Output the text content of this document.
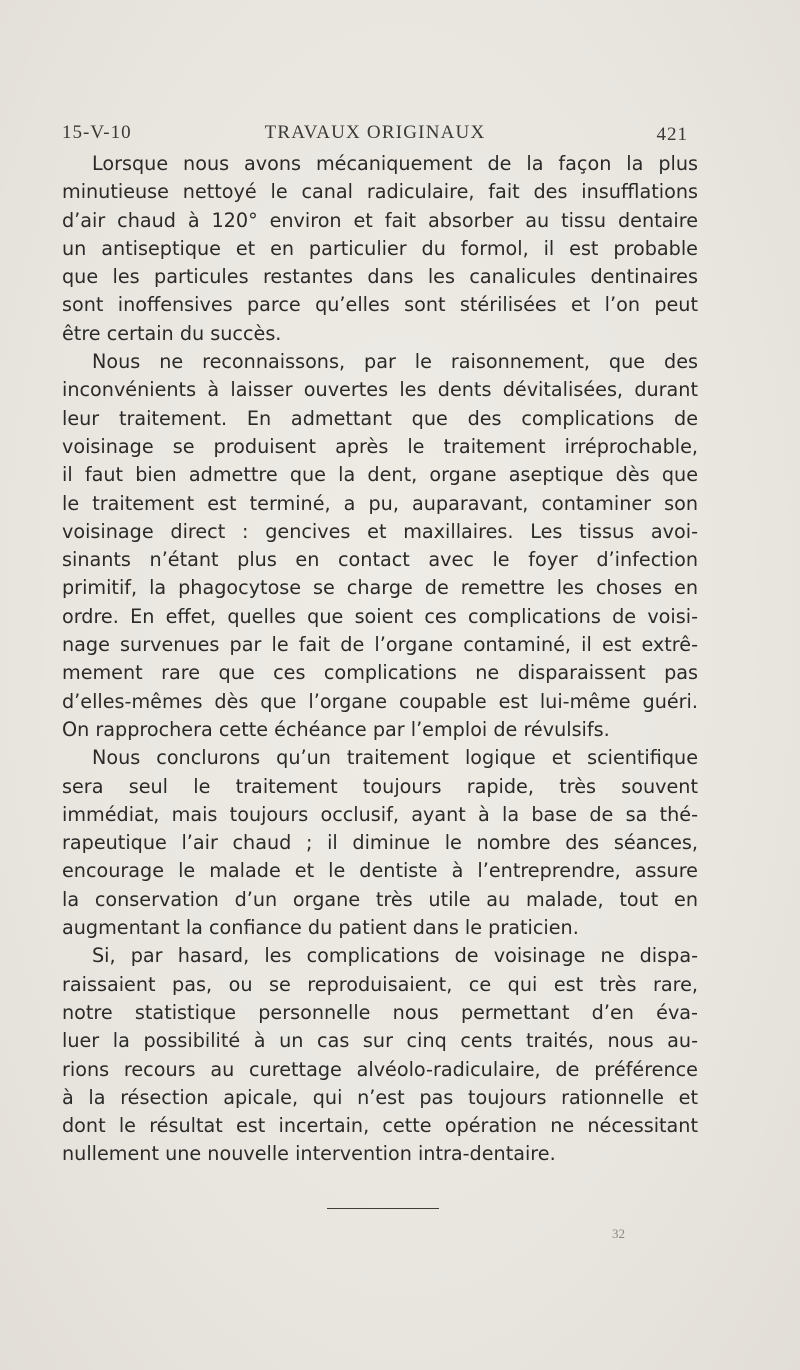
15-V-10	TRAVAUX ORIGINAUX	421
Lorsque nous avons mécaniquement de la façon la plus
minutieuse nettoyé le canal radiculaire, fait des insufflations
d’air chaud à 120° environ et fait absorber au tissu dentaire
un antiseptique et en particulier du formol, il est probable
que les particules restantes dans les canalicules dentinaires
sont inoffensives parce qu’elles sont stérilisées et l’on peut
être certain du succès.
Nous ne reconnaissons, par le raisonnement, que des
inconvénients à laisser ouvertes les dents dévitalisées, durant
leur traitement. En admettant que des complications de
voisinage se produisent après le traitement irréprochable,
il faut bien admettre que la dent, organe aseptique dès que
le traitement est terminé, a pu, auparavant, contaminer son
voisinage direct : gencives et maxillaires. Les tissus avoi-
sinants n’étant plus en contact avec le foyer d’infection
primitif, la phagocytose se charge de remettre les choses en
ordre. En effet, quelles que soient ces complications de voisi-
nage survenues par le fait de l’organe contaminé, il est extrê-
mement rare que ces complications ne disparaissent pas
d’elles-mêmes dès que l’organe coupable est lui-même guéri.
On rapprochera cette échéance par l’emploi de révulsifs.
Nous conclurons qu’un traitement logique et scientifique
sera seul le traitement toujours rapide, très souvent
immédiat, mais toujours occlusif, ayant à la base de sa thé-
rapeutique l’air chaud ; il diminue le nombre des séances,
encourage le malade et le dentiste à l’entreprendre, assure
la conservation d’un organe très utile au malade, tout en
augmentant la confiance du patient dans le praticien.
Si, par hasard, les complications de voisinage ne dispa-
raissaient pas, ou se reproduisaient, ce qui est très rare,
notre statistique personnelle nous permettant d’en éva-
luer la possibilité à un cas sur cinq cents traités, nous au-
rions recours au curettage alvéolo-radiculaire, de préférence
à la résection apicale, qui n’est pas toujours rationnelle et
dont le résultat est incertain, cette opération ne nécessitant
nullement une nouvelle intervention intra-dentaire.
32
